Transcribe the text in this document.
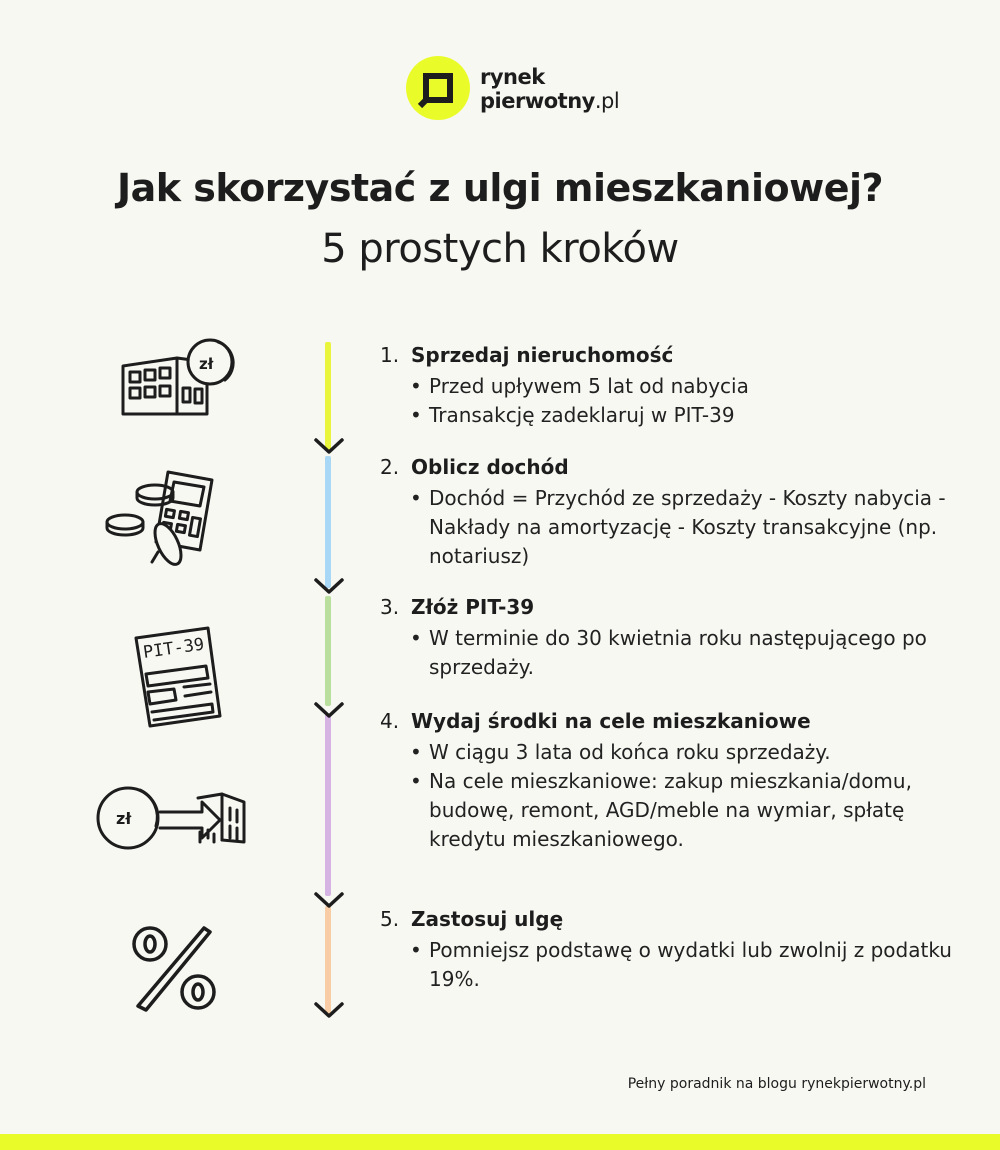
rynek
pierwotny.pl
Jak skorzystać z ulgi mieszkaniowej?
5 prostych kroków
zł
PIT-39
zł
1. Sprzedaj nieruchomość
• Przed upływem 5 lat od nabycia
• Transakcję zadeklaruj w PIT-39
2. Oblicz dochód
• Dochód = Przychód ze sprzedaży - Koszty nabycia - Nakłady na amortyzację - Koszty transakcyjne (np. notariusz)
3. Złóż PIT-39
• W terminie do 30 kwietnia roku następującego po sprzedaży.
4. Wydaj środki na cele mieszkaniowe
• W ciągu 3 lata od końca roku sprzedaży.
• Na cele mieszkaniowe: zakup mieszkania/domu, budowę, remont, AGD/meble na wymiar, spłatę kredytu mieszkaniowego.
5. Zastosuj ulgę
• Pomniejsz podstawę o wydatki lub zwolnij z podatku 19%.
Pełny poradnik na blogu rynekpierwotny.pl
